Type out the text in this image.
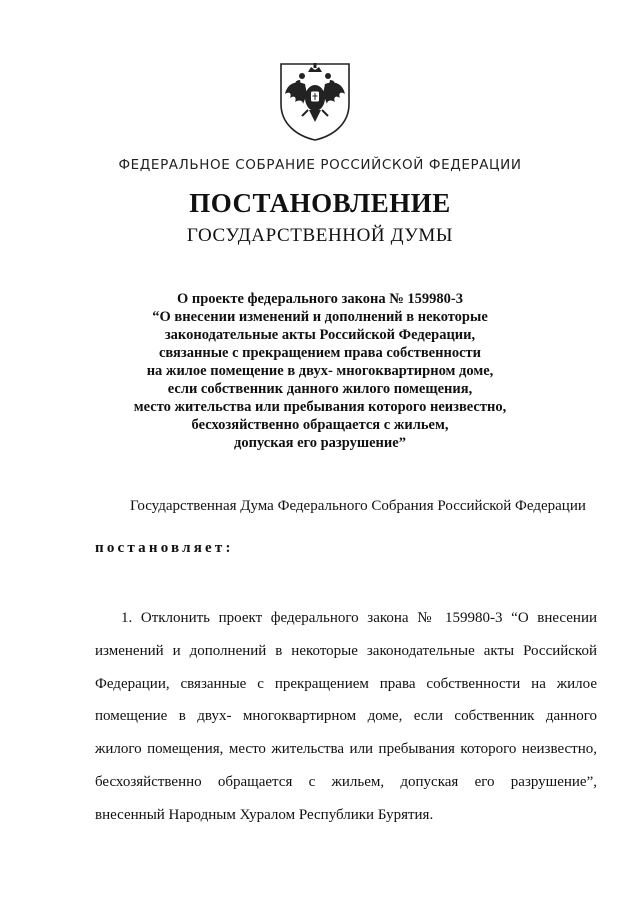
ФЕДЕРАЛЬНОЕ СОБРАНИЕ РОССИЙСКОЙ ФЕДЕРАЦИИ
ПОСТАНОВЛЕНИЕ
ГОСУДАРСТВЕННОЙ ДУМЫ
О проекте федерального закона № 159980-3
“О внесении изменений и дополнений в некоторые
законодательные акты Российской Федерации,
связанные с прекращением права собственности
на жилое помещение в двух- многоквартирном доме,
если собственник данного жилого помещения,
место жительства или пребывания которого неизвестно,
бесхозяйственно обращается с жильем,
допуская его разрушение”
Государственная Дума Федерального Собрания Российской Федерации
постановляет:
1. Отклонить проект федерального закона № 159980-3 “О внесении
изменений и дополнений в некоторые законодательные акты Российской
Федерации, связанные с прекращением права собственности на жилое
помещение в двух- многоквартирном доме, если собственник данного
жилого помещения, место жительства или пребывания которого неизвестно,
бесхозяйственно обращается с жильем, допуская его разрушение”,
внесенный Народным Хуралом Республики Бурятия.
